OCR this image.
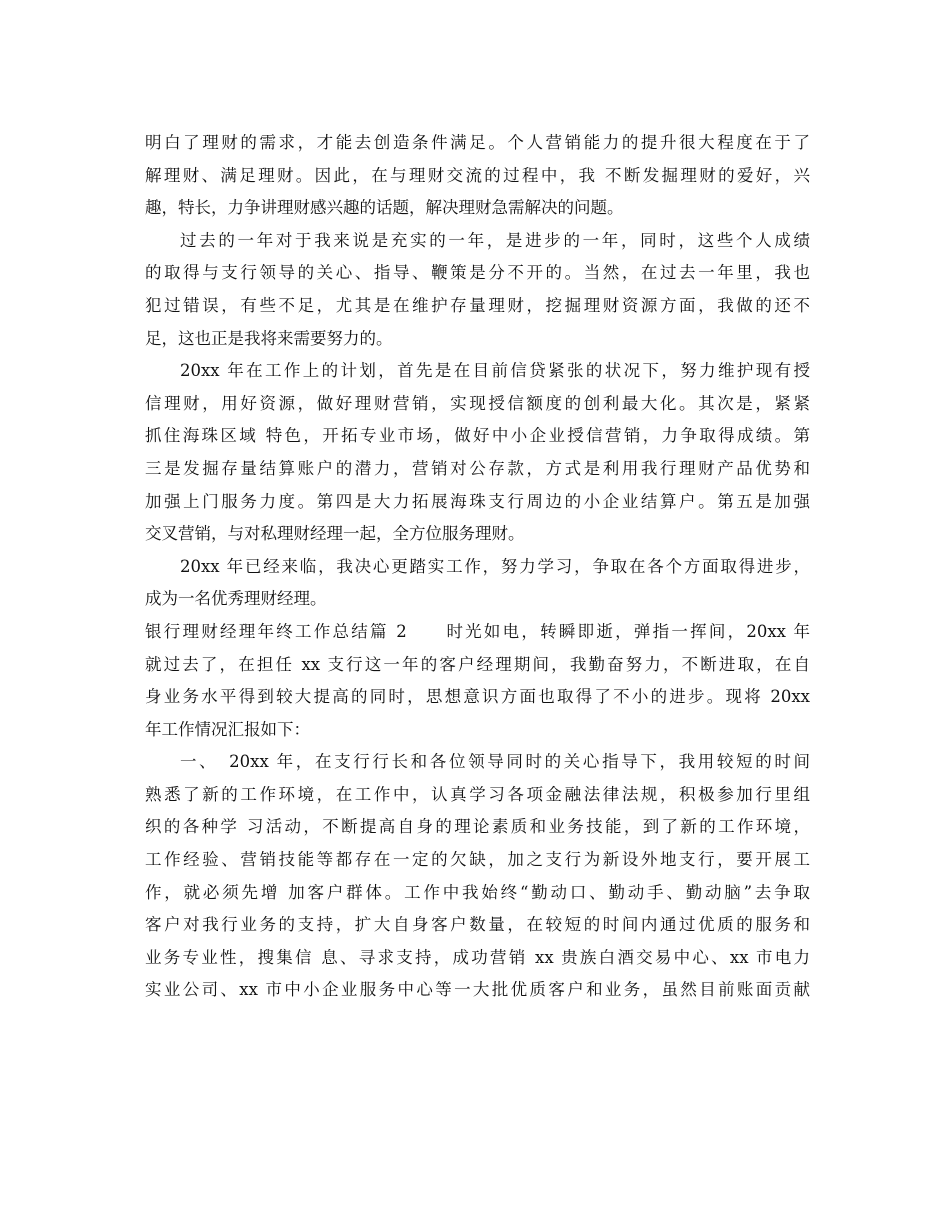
明白了理财的需求，才能去创造条件满足。个人营销能力的提升很大程度在于了
解理财、满足理财。因此，在与理财交流的过程中，我 不断发掘理财的爱好，兴
趣，特长，力争讲理财感兴趣的话题，解决理财急需解决的问题。
过去的一年对于我来说是充实的一年，是进步的一年，同时，这些个人成绩
的取得与支行领导的关心、指导、鞭策是分不开的。当然，在过去一年里，我也
犯过错误，有些不足，尤其是在维护存量理财，挖掘理财资源方面，我做的还不
足，这也正是我将来需要努力的。
20xx 年在工作上的计划，首先是在目前信贷紧张的状况下，努力维护现有授
信理财，用好资源，做好理财营销，实现授信额度的创利最大化。其次是，紧紧
抓住海珠区域 特色，开拓专业市场，做好中小企业授信营销，力争取得成绩。第
三是发掘存量结算账户的潜力，营销对公存款，方式是利用我行理财产品优势和
加强上门服务力度。第四是大力拓展海珠支行周边的小企业结算户。第五是加强
交叉营销，与对私理财经理一起，全方位服务理财。
20xx 年已经来临，我决心更踏实工作，努力学习，争取在各个方面取得进步，
成为一名优秀理财经理。
银行理财经理年终工作总结篇 2　　时光如电，转瞬即逝，弹指一挥间，20xx 年
就过去了，在担任 xx 支行这一年的客户经理期间，我勤奋努力，不断进取，在自
身业务水平得到较大提高的同时，思想意识方面也取得了不小的进步。现将 20xx
年工作情况汇报如下：
一、　20xx 年，在支行行长和各位领导同时的关心指导下，我用较短的时间
熟悉了新的工作环境，在工作中，认真学习各项金融法律法规，积极参加行里组
织的各种学 习活动，不断提高自身的理论素质和业务技能，到了新的工作环境，
工作经验、营销技能等都存在一定的欠缺，加之支行为新设外地支行，要开展工
作，就必须先增 加客户群体。工作中我始终“勤动口、勤动手、勤动脑”去争取
客户对我行业务的支持，扩大自身客户数量，在较短的时间内通过优质的服务和
业务专业性，搜集信 息、寻求支持，成功营销 xx 贵族白酒交易中心、xx 市电力
实业公司、xx 市中小企业服务中心等一大批优质客户和业务，虽然目前账面贡献
